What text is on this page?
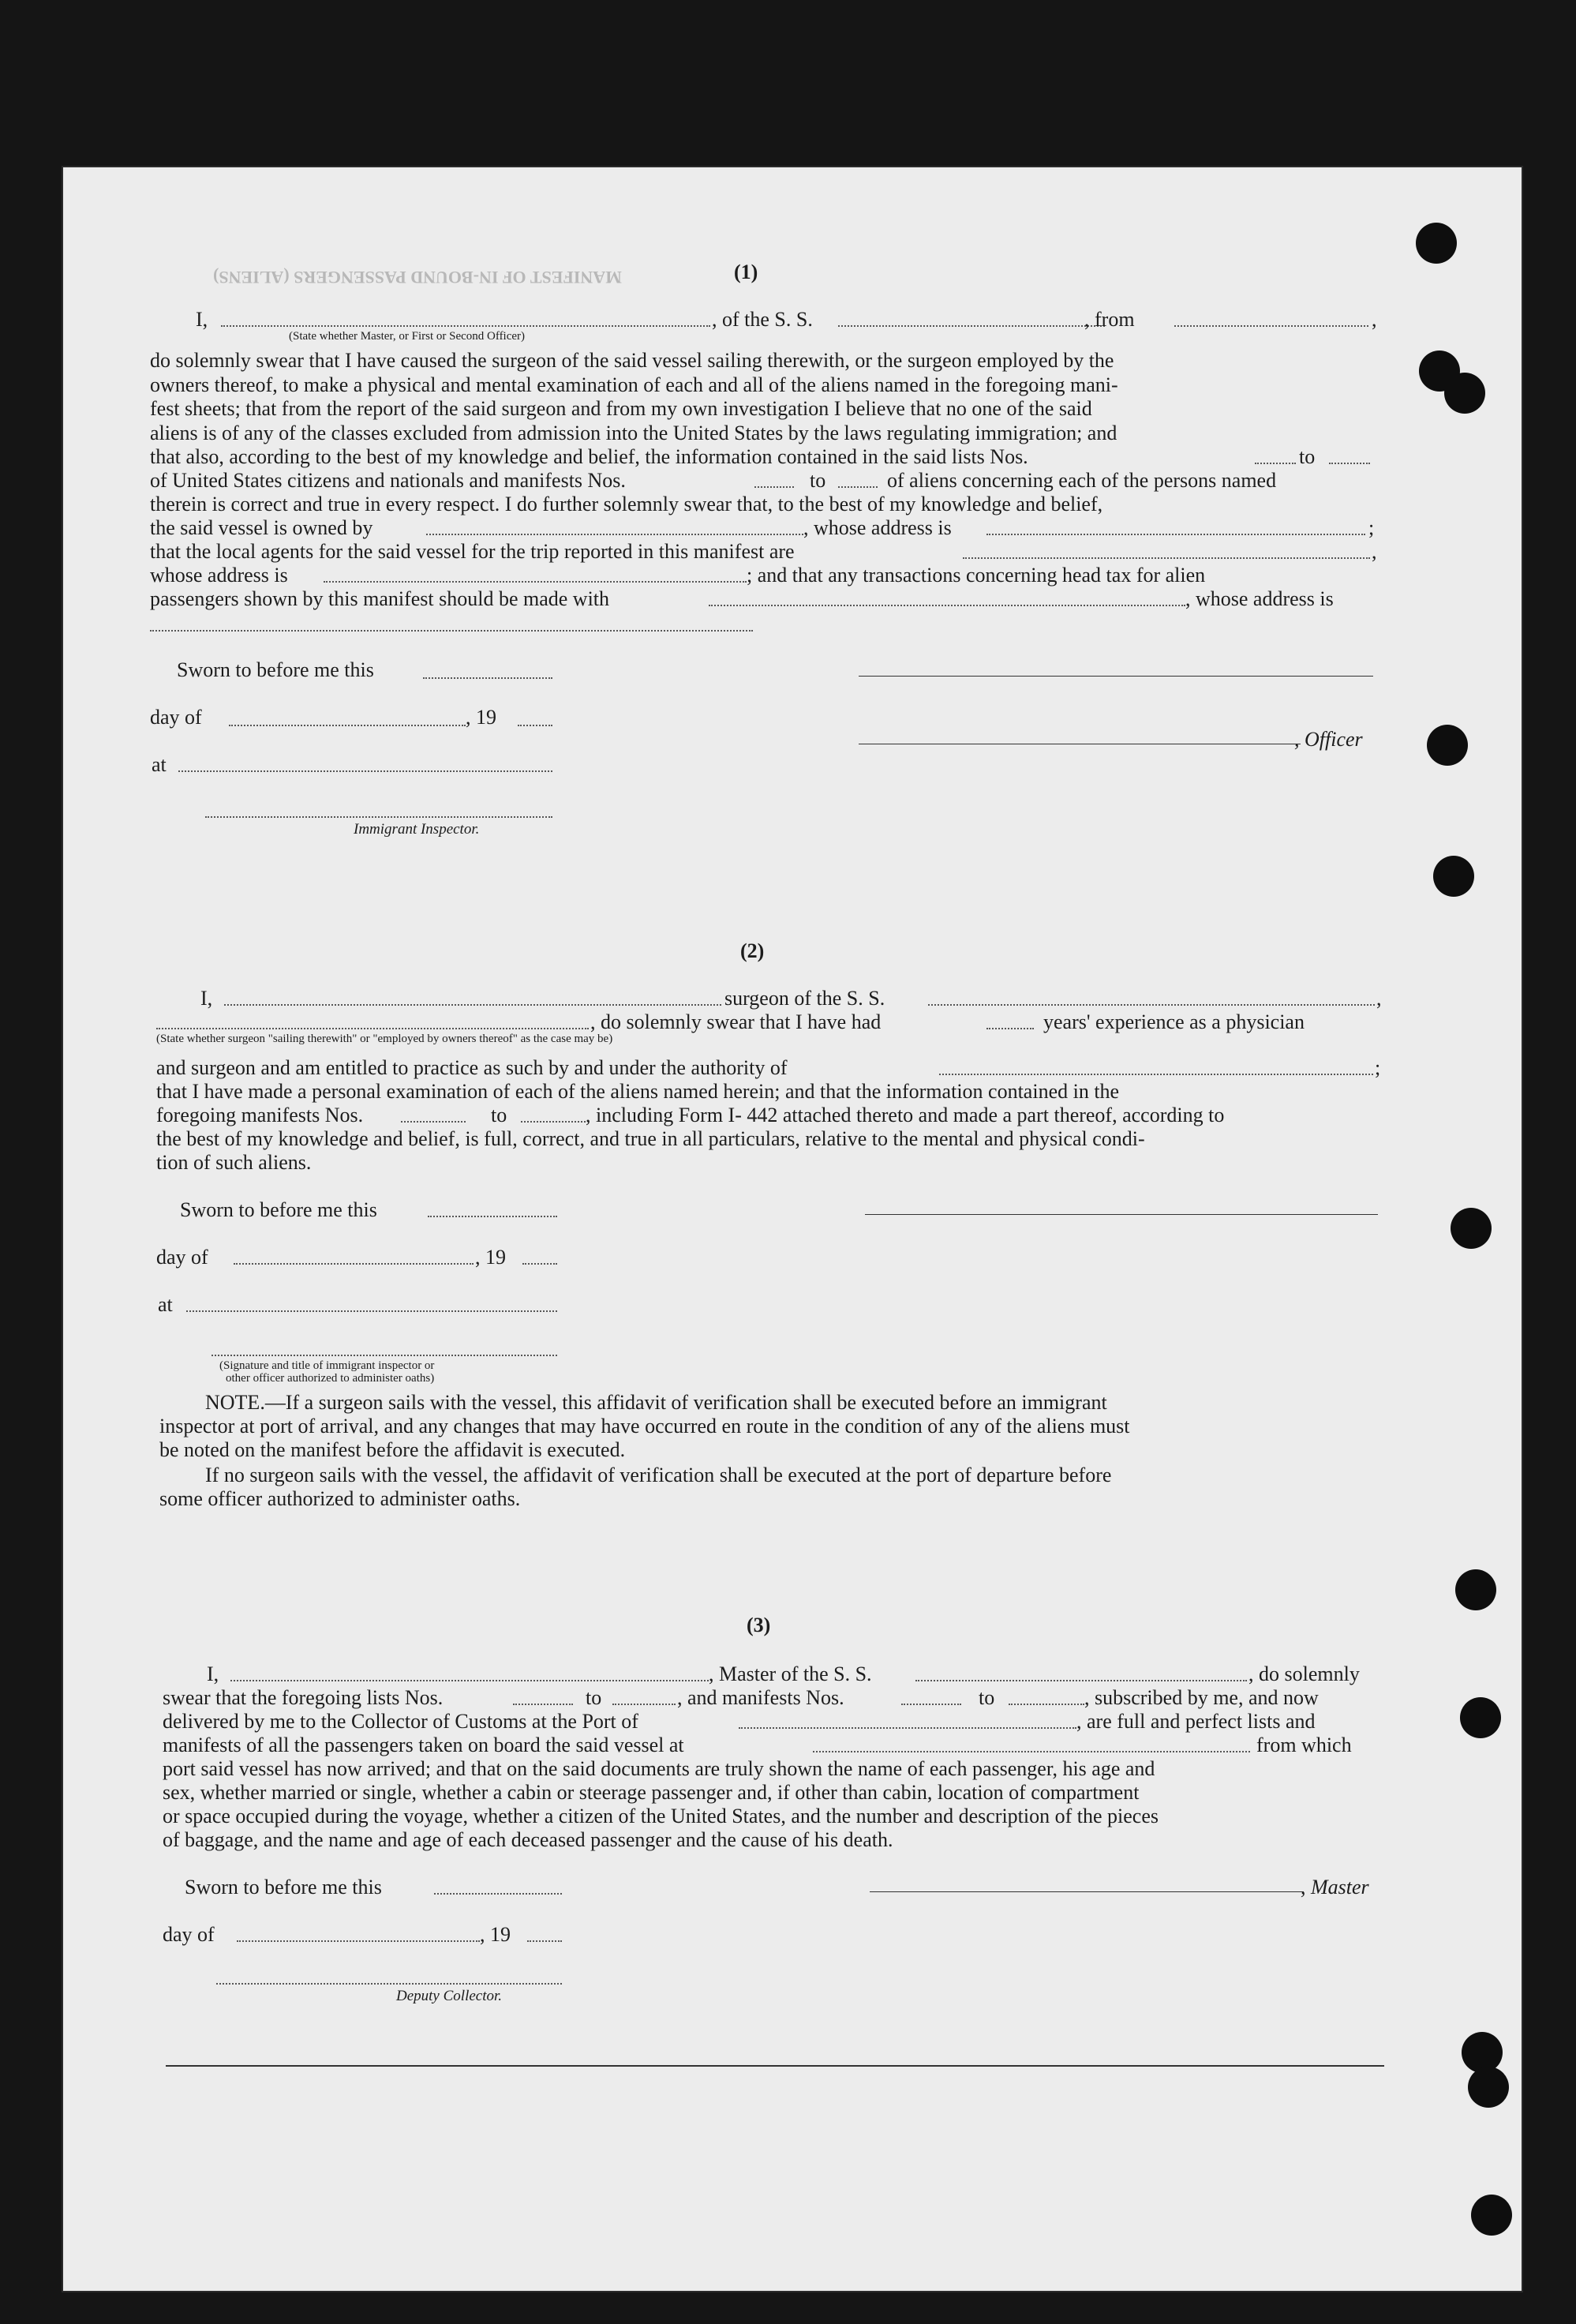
MANIFEST OF IN-BOUND PASSENGERS (ALIENS)	(1)
I,	, of the S. S.	, from	,
(State whether Master, or First or Second Officer)
do solemnly swear that I have caused the surgeon of the said vessel sailing therewith, or the surgeon employed by the
owners thereof, to make a physical and mental examination of each and all of the aliens named in the foregoing mani-
fest sheets; that from the report of the said surgeon and from my own investigation I believe that no one of the said
aliens is of any of the classes excluded from admission into the United States by the laws regulating immigration; and
that also, according to the best of my knowledge and belief, the information contained in the said lists Nos.	to
of United States citizens and nationals and manifests Nos.	to	of aliens concerning each of the persons named
therein is correct and true in every respect. I do further solemnly swear that, to the best of my knowledge and belief,
the said vessel is owned by	, whose address is	;
that the local agents for the said vessel for the trip reported in this manifest are	,
whose address is	; and that any transactions concerning head tax for alien
passengers shown by this manifest should be made with	, whose address is
Sworn to before me this
day of	, 19
, Officer
at
Immigrant Inspector.
(2)
I,	surgeon of the S. S.	,
, do solemnly swear that I have had	years' experience as a physician
(State whether surgeon "sailing therewith" or "employed by owners thereof" as the case may be)
and surgeon and am entitled to practice as such by and under the authority of	;
that I have made a personal examination of each of the aliens named herein; and that the information contained in the
foregoing manifests Nos.	to	, including Form I- 442 attached thereto and made a part thereof, according to
the best of my knowledge and belief, is full, correct, and true in all particulars, relative to the mental and physical condi-
tion of such aliens.
Sworn to before me this
day of	, 19
at
(Signature and title of immigrant inspector or
other officer authorized to administer oaths)
NOTE.—If a surgeon sails with the vessel, this affidavit of verification shall be executed before an immigrant
inspector at port of arrival, and any changes that may have occurred en route in the condition of any of the aliens must
be noted on the manifest before the affidavit is executed.
If no surgeon sails with the vessel, the affidavit of verification shall be executed at the port of departure before
some officer authorized to administer oaths.
(3)
I,	, Master of the S. S.	, do solemnly
swear that the foregoing lists Nos.	to	, and manifests Nos.	to	, subscribed by me, and now
delivered by me to the Collector of Customs at the Port of	, are full and perfect lists and
manifests of all the passengers taken on board the said vessel at	from which
port said vessel has now arrived; and that on the said documents are truly shown the name of each passenger, his age and
sex, whether married or single, whether a cabin or steerage passenger and, if other than cabin, location of compartment
or space occupied during the voyage, whether a citizen of the United States, and the number and description of the pieces
of baggage, and the name and age of each deceased passenger and the cause of his death.
Sworn to before me this	, Master
day of	, 19
Deputy Collector.
